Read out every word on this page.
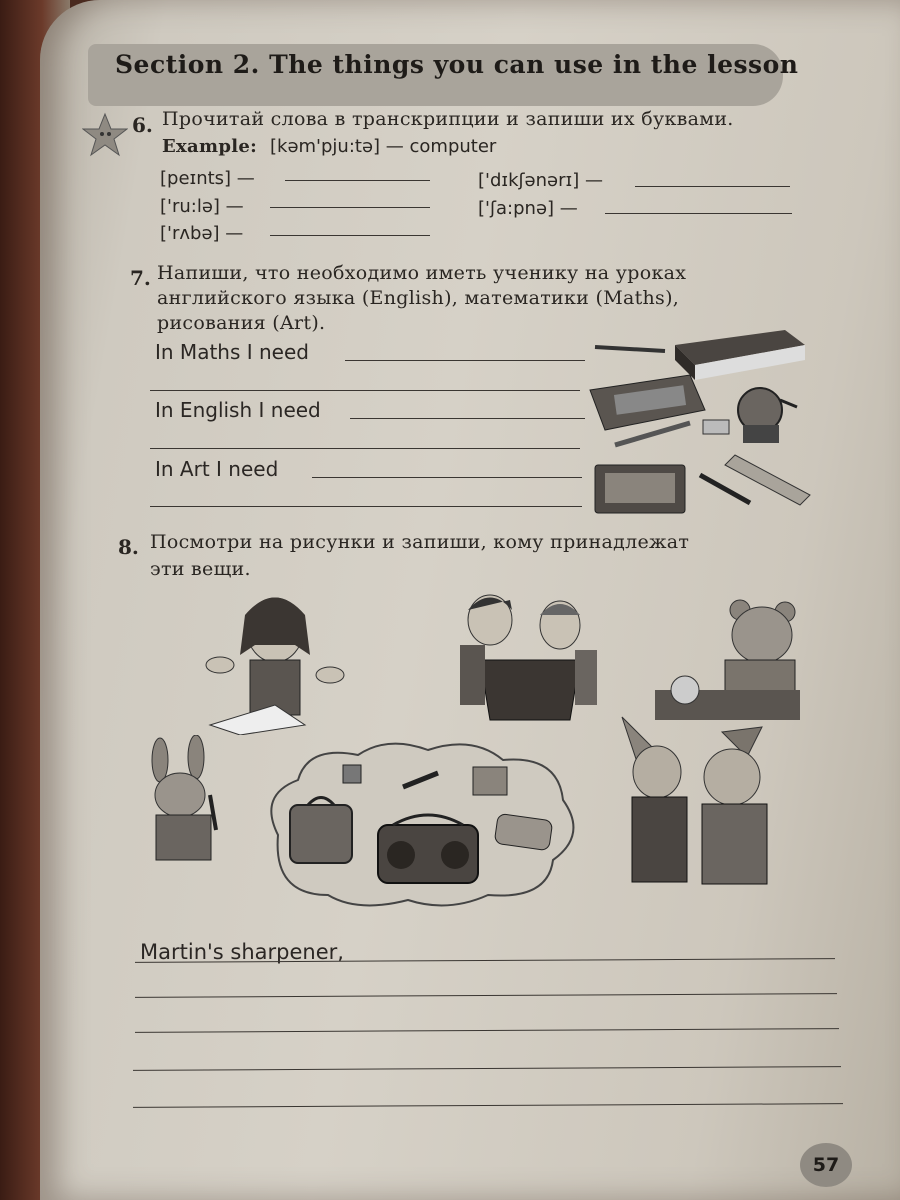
Section 2. The things you can use in the lesson
6. Прочитай слова в транскрипции и запиши их буквами.
Example: [kəm'pju:tə] — computer
[peɪnts] —
['ru:lə] —
['rʌbə] —
['dɪkʃənərɪ] —
['ʃa:pnə] —
7. Напиши, что необходимо иметь ученику на уроках
английского языка (English), математики (Maths),
рисования (Art).
In Maths I need
In English I need
In Art I need
8. Посмотри на рисунки и запиши, кому принадлежат
эти вещи.
Martin's sharpener,
57
